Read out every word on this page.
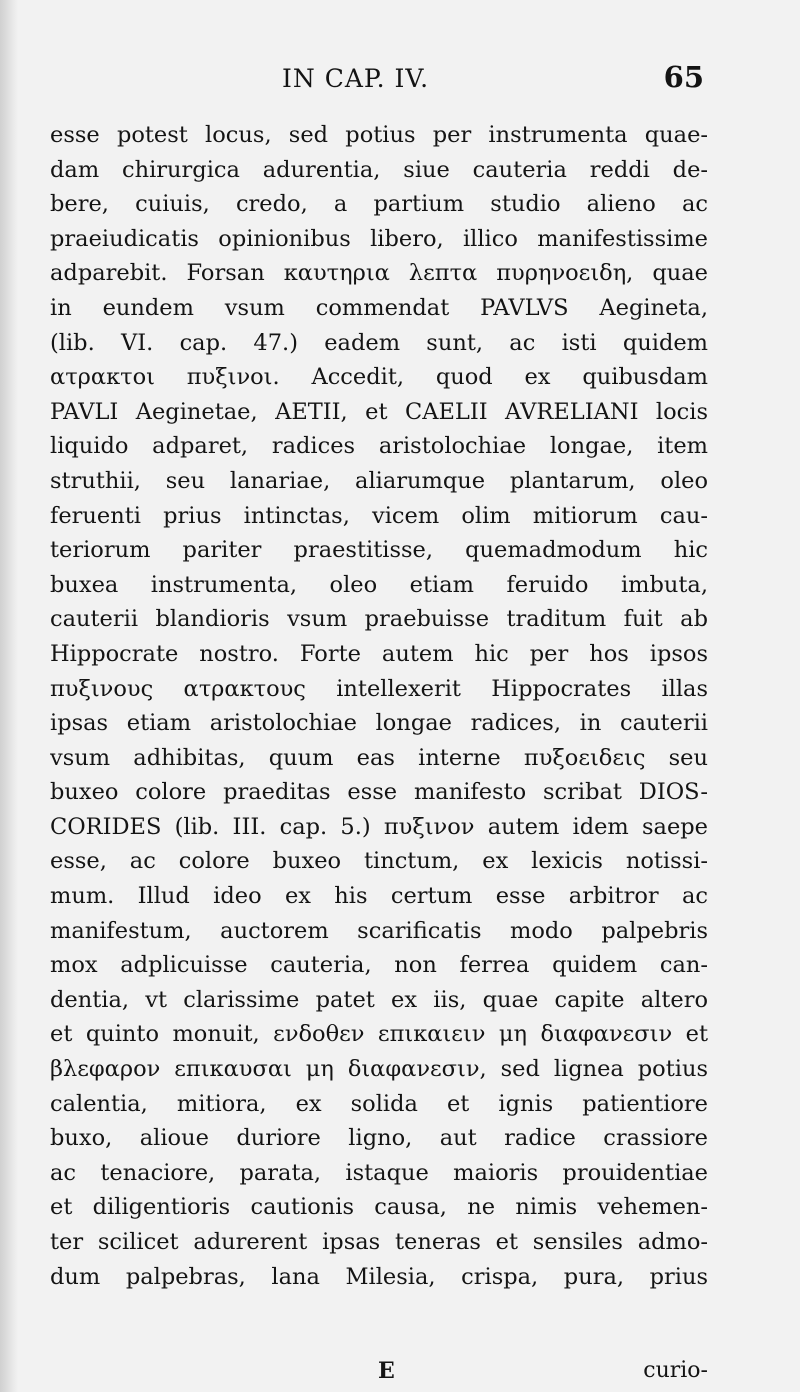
IN CAP. IV.	65
esse potest locus, sed potius per instrumenta quae-
dam chirurgica adurentia, siue cauteria reddi de-
bere, cuiuis, credo, a partium studio alieno ac
praeiudicatis opinionibus libero, illico manifestissime
adparebit. Forsan καυτηρια λεπτα πυρηνοειδη, quae
in eundem vsum commendat PAVLVS Aegineta,
(lib. VI. cap. 47.) eadem sunt, ac isti quidem
ατρακτοι πυξινοι. Accedit, quod ex quibusdam
PAVLI Aeginetae, AETII, et CAELII AVRELIANI locis
liquido adparet, radices aristolochiae longae, item
struthii, seu lanariae, aliarumque plantarum, oleo
feruenti prius intinctas, vicem olim mitiorum cau-
teriorum pariter praestitisse, quemadmodum hic
buxea instrumenta, oleo etiam feruido imbuta,
cauterii blandioris vsum praebuisse traditum fuit ab
Hippocrate nostro. Forte autem hic per hos ipsos
πυξινους ατρακτους intellexerit Hippocrates illas
ipsas etiam aristolochiae longae radices, in cauterii
vsum adhibitas, quum eas interne πυξοειδεις seu
buxeo colore praeditas esse manifesto scribat DIOS-
CORIDES (lib. III. cap. 5.) πυξινον autem idem saepe
esse, ac colore buxeo tinctum, ex lexicis notissi-
mum. Illud ideo ex his certum esse arbitror ac
manifestum, auctorem scarificatis modo palpebris
mox adplicuisse cauteria, non ferrea quidem can-
dentia, vt clarissime patet ex iis, quae capite altero
et quinto monuit, ενδοθεν επικαιειν μη διαφανεσιν et
βλεφαρον επικαυσαι μη διαφανεσιν, sed lignea potius
calentia, mitiora, ex solida et ignis patientiore
buxo, alioue duriore ligno, aut radice crassiore
ac tenaciore, parata, istaque maioris prouidentiae
et diligentioris cautionis causa, ne nimis vehemen-
ter scilicet adurerent ipsas teneras et sensiles admo-
dum palpebras, lana Milesia, crispa, pura, prius
E	curio-
